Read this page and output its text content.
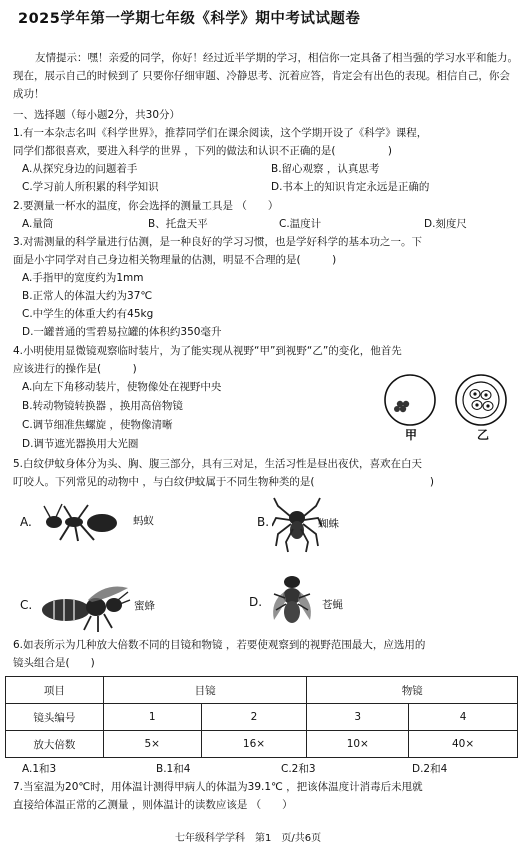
2025学年第一学期七年级《科学》期中考试试题卷
友情提示：嘿！亲爱的同学，你好！经过近半学期的学习，相信你一定具备了相当强的学习水平和能力。现在，展示自己的时候到了 只要你仔细审题、冷静思考、沉着应答，肯定会有出色的表现。相信自己，你会成功！
一、选择题（每小题2分，共30分）
1.有一本杂志名叫《科学世界》，推荐同学们在课余阅读，这个学期开设了《科学》课程，
同学们都很喜欢，要进入科学的世界 ，下列的做法和认识不正确的是(　　　　　)
A.从探究身边的问题着手	B.留心观察 ，认真思考
C.学习前人所积累的科学知识	D.书本上的知识肯定永远是正确的
2.要测量一杯水的温度，你会选择的测量工具是 （　　）
A.量筒	B、托盘天平	C.温度计	D.刻度尺
3.对需测量的科学量进行估测，是一种良好的学习习惯，也是学好科学的基本功之一。下
面是小宇同学对自己身边相关物理量的估测，明显不合理的是(　　　)
A.手指甲的宽度约为1mm
B.正常人的体温大约为37℃
C.中学生的体重大约有45kg
D.一罐普通的雪碧易拉罐的体积约350毫升
4.小明使用显微镜观察临时装片，为了能实现从视野“甲”到视野“乙”的变化，他首先
应该进行的操作是(　　　)
A.向左下角移动装片，使物像处在视野中央
B.转动物镜转换器 ，换用高倍物镜
C.调节细准焦螺旋 ，使物像清晰
D.调节遮光器换用大光圈
甲	乙
5.白纹伊蚊身体分为头、胸、腹三部分，具有三对足，生活习性是昼出夜伏，喜欢在白天
叮咬人。下列常见的动物中 ，与白纹伊蚊属于不同生物种类的是(　　　　　　　　　　　)
A.	蚂蚁	B.	蜘蛛
C.	蜜蜂	D.	苍蝇
6.如表所示为几种放大倍数不同的目镜和物镜 ，若要使观察到的视野范围最大，应选用的
镜头组合是(　　)
项目	目镜		物镜	
镜头编号	1	2	3	4
放大倍数	5×	16×	10×	40×
A.1和3	B.1和4	C.2和3	D.2和4
7.当室温为20℃时，用体温计测得甲病人的体温为39.1℃ ，把该体温度计消毒后未甩就
直接给体温正常的乙测量 ，则体温计的读数应该是 （　　）
七年级科学学科　第1　页/共6页
